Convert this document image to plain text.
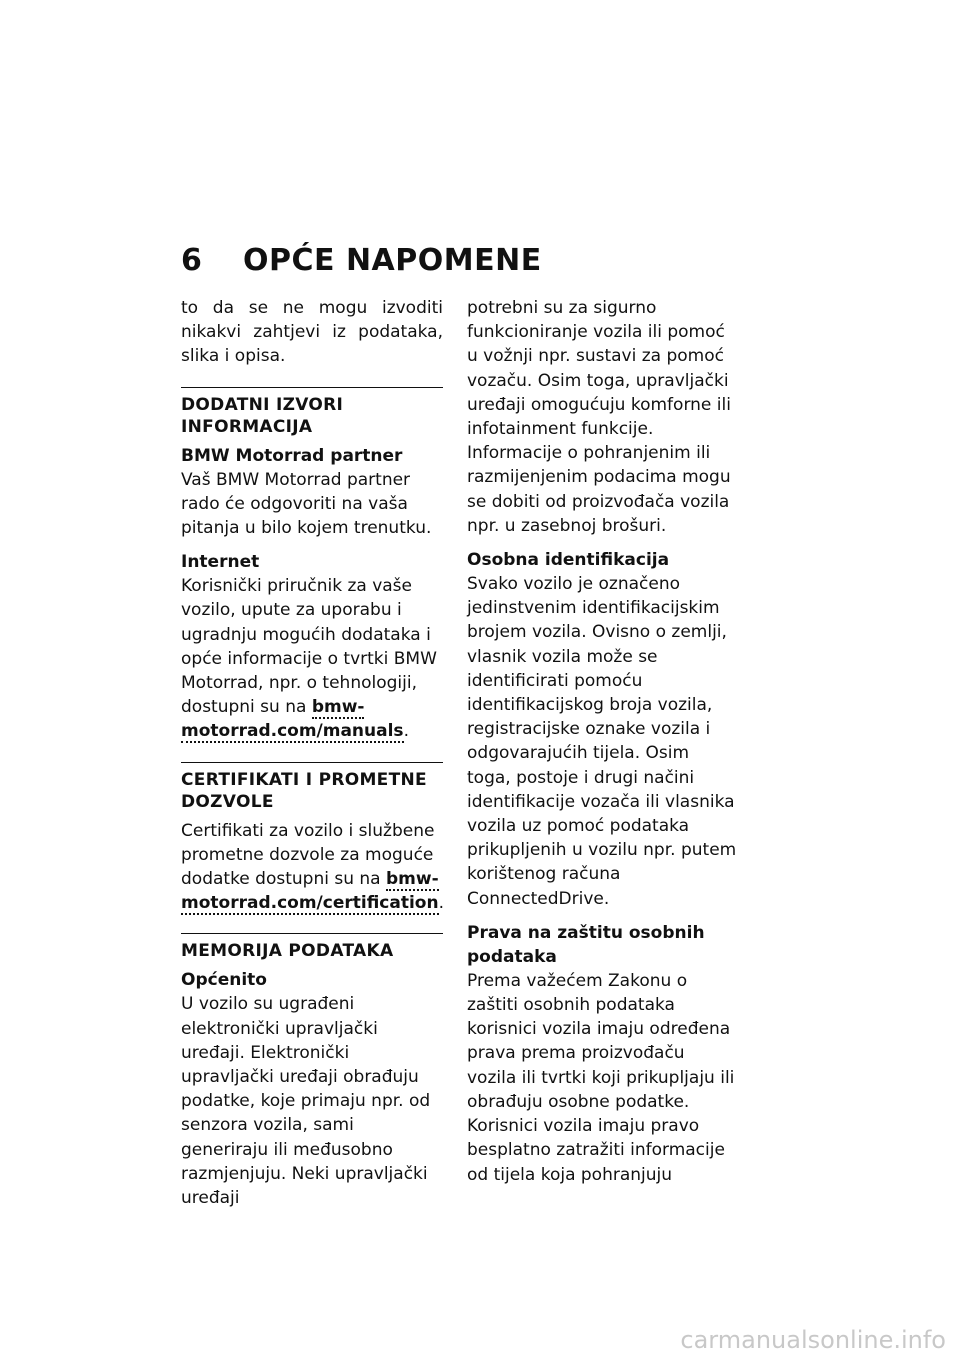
6 OPĆE NAPOMENE

to da se ne mogu izvoditi nikakvi zahtjevi iz podataka, slika i opisa.

DODATNI IZVORI INFORMACIJA
BMW Motorrad partner

Vaš BMW Motorrad partner rado će odgovoriti na vaša pitanja u bilo kojem trenutku.

Internet

Korisnički priručnik za vaše vozilo, upute za uporabu i ugradnju mogućih dodataka i opće informacije o tvrtki BMW Motorrad, npr. o tehnologiji, dostupni su na bmw-motorrad.com/manuals.

CERTIFIKATI I PROMETNE DOZVOLE

Certifikati za vozilo i službene prometne dozvole za moguće dodatke dostupni su na bmw-motorrad.com/certification.

MEMORIJA PODATAKA
Općenito

U vozilo su ugrađeni elektronički upravljački uređaji. Elektronički upravljački uređaji obrađuju podatke, koje primaju npr. od senzora vozila, sami generiraju ili međusobno razmjenjuju. Neki upravljački uređaji

potrebni su za sigurno funkcioniranje vozila ili pomoć u vožnji npr. sustavi za pomoć vozaču. Osim toga, upravljački uređaji omogućuju komforne ili infotainment funkcije.

Informacije o pohranjenim ili razmijenjenim podacima mogu se dobiti od proizvođača vozila npr. u zasebnoj brošuri.

Osobna identifikacija

Svako vozilo je označeno jedinstvenim identifikacijskim brojem vozila. Ovisno o zemlji, vlasnik vozila može se identificirati pomoću identifikacijskog broja vozila, registracijske oznake vozila i odgovarajućih tijela. Osim toga, postoje i drugi načini identifikacije vozača ili vlasnika vozila uz pomoć podataka prikupljenih u vozilu npr. putem korištenog računa ConnectedDrive.

Prava na zaštitu osobnih podataka

Prema važećem Zakonu o zaštiti osobnih podataka korisnici vozila imaju određena prava prema proizvođaču vozila ili tvrtki koji prikupljaju ili obrađuju osobne podatke.

Korisnici vozila imaju pravo besplatno zatražiti informacije od tijela koja pohranjuju

carmanualsonline.info
